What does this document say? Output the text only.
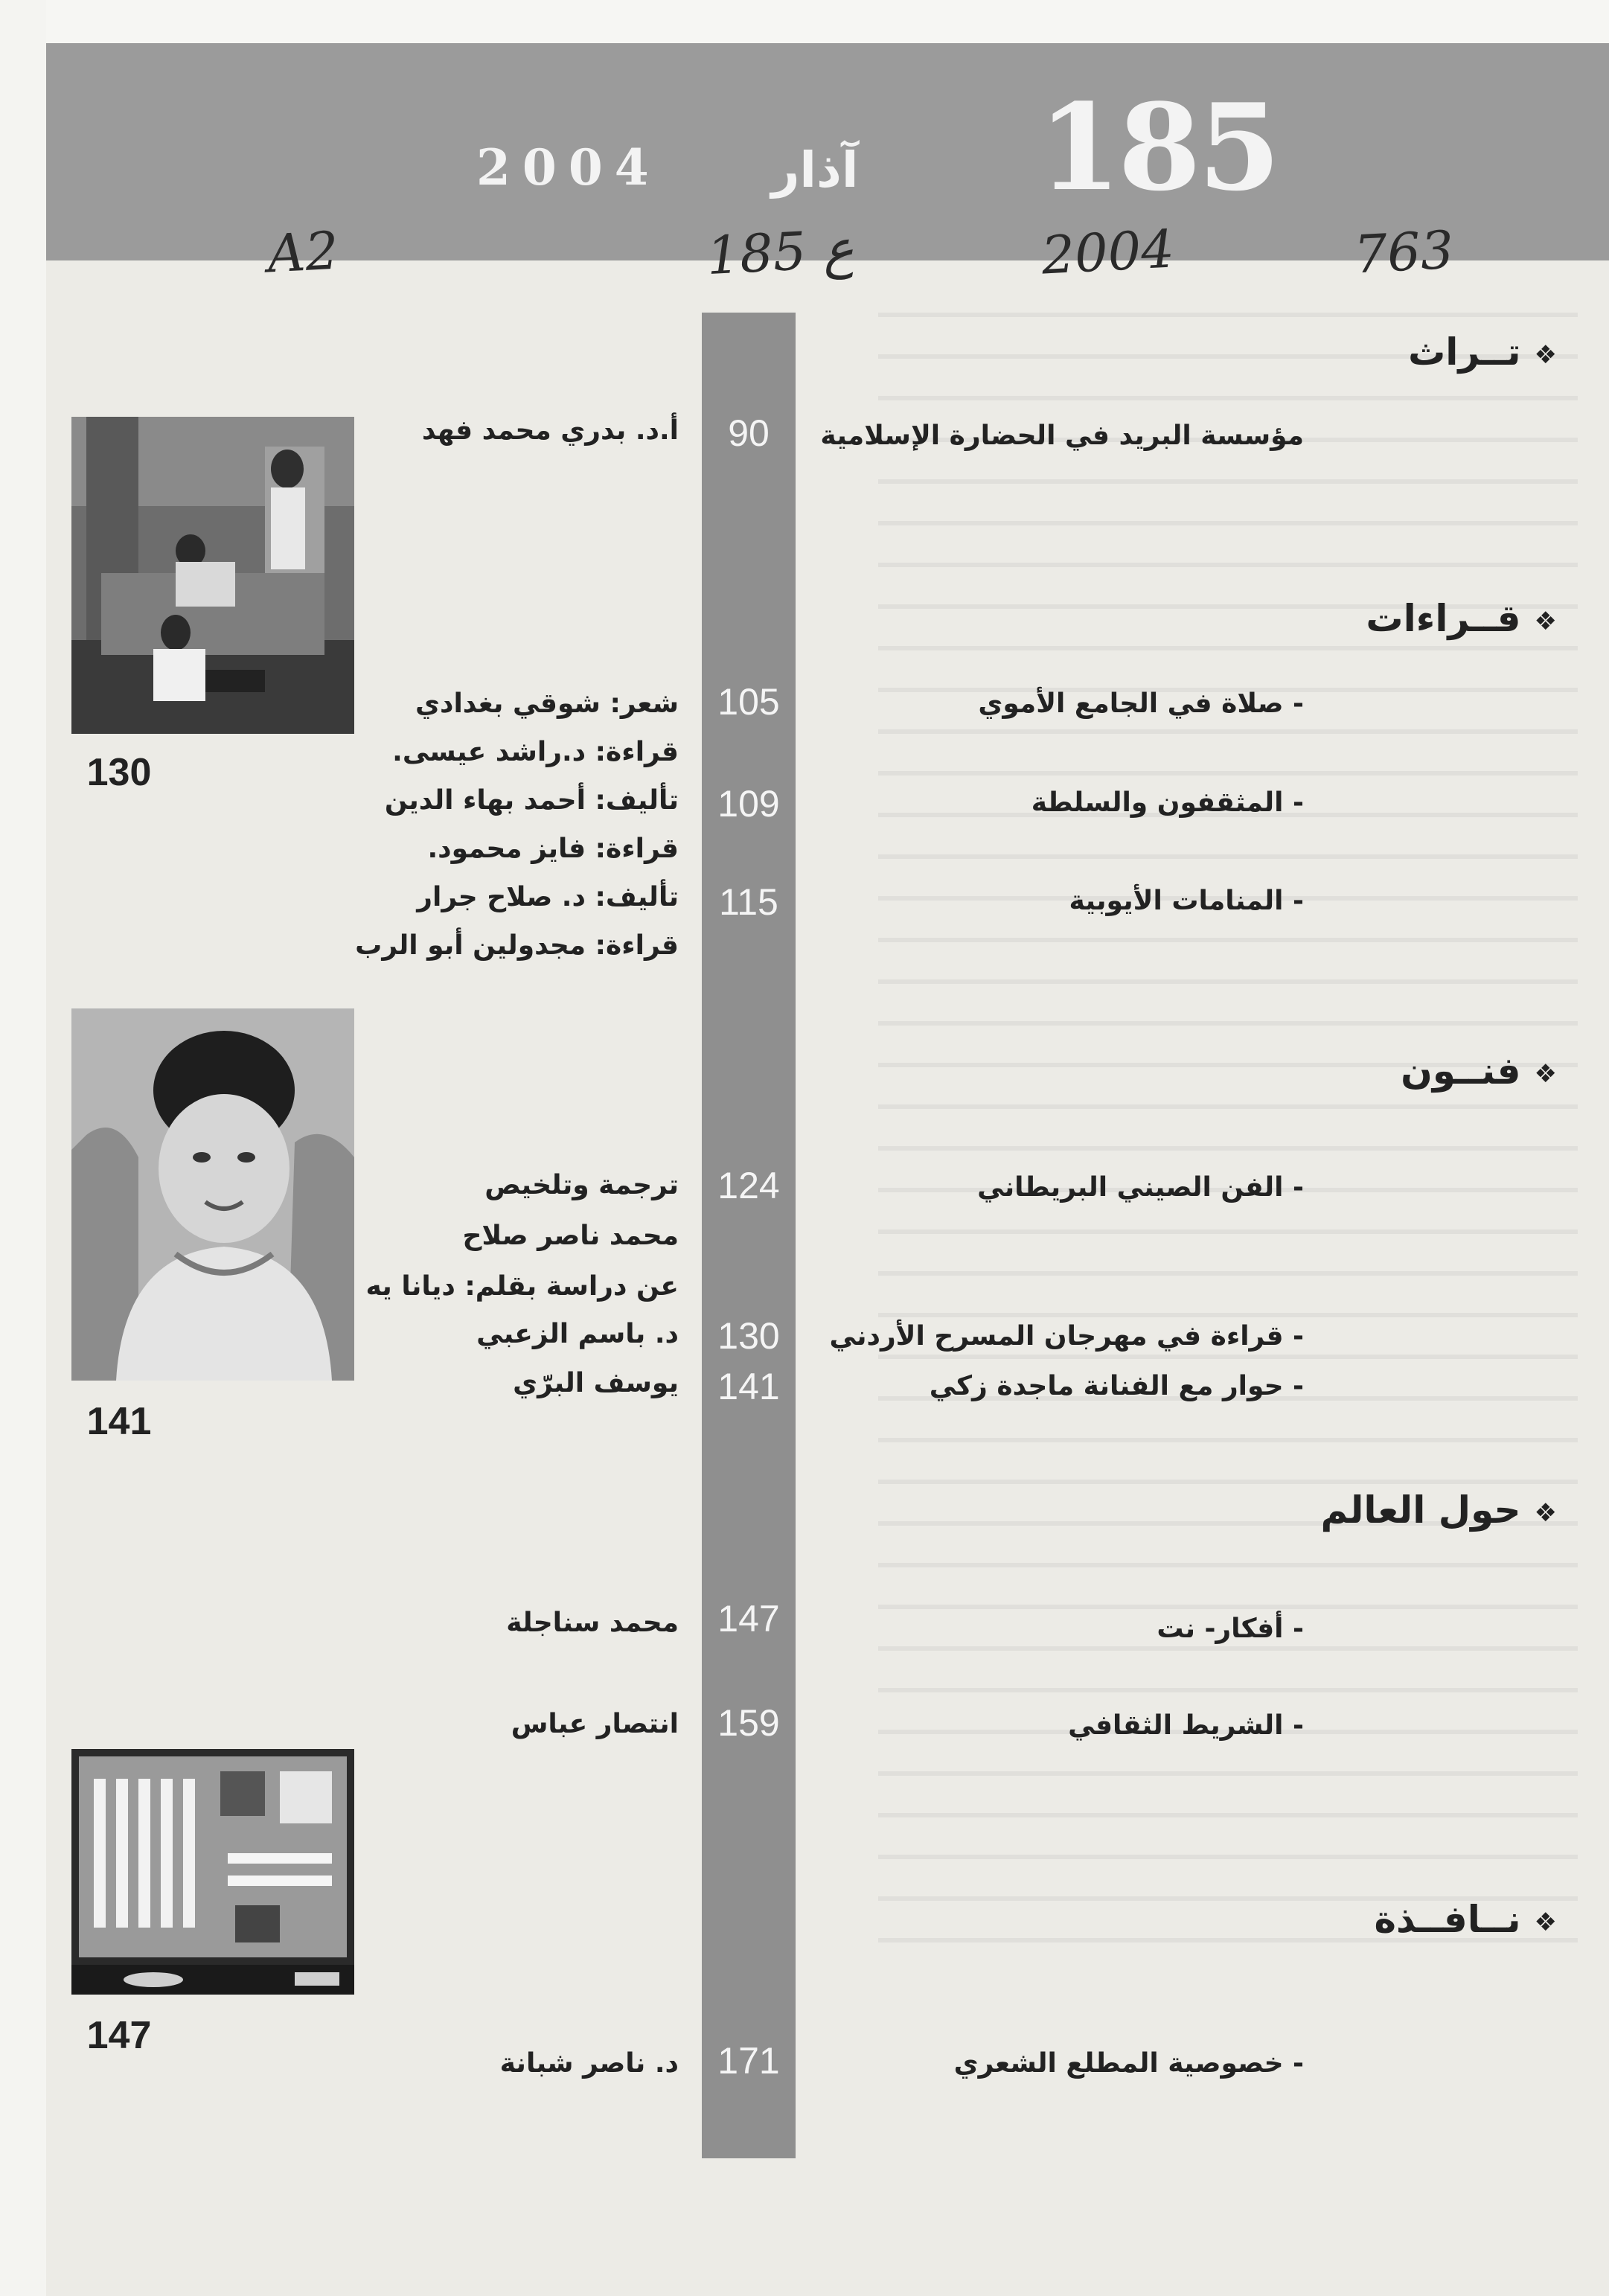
185
آذار
2004
763
2004
ع 185
A2
90
105
109
115
124
130
141
147
159
171
❖تــراث
❖قــراءات
❖فنــون
❖حول العالم
❖نــافــذة
مؤسسة البريد في الحضارة الإسلامية
أ.د. بدري محمد فهد
- صلاة في الجامع الأموي
شعر: شوقي بغدادي
قراءة: د.راشد عيسى.
- المثقفون والسلطة
تأليف: أحمد بهاء الدين
قراءة: فايز محمود.
- المنامات الأيوبية
تأليف: د. صلاح جرار
قراءة: مجدولين أبو الرب
- الفن الصيني البريطاني
ترجمة وتلخيص
محمد ناصر صلاح
عن دراسة بقلم: ديانا يه
- قراءة في مهرجان المسرح الأردني
د. باسم الزعبي
- حوار مع الفنانة ماجدة زكي
يوسف البرّي
- أفكار- نت
محمد سناجلة
- الشريط الثقافي
انتصار عباس
- خصوصية المطلع الشعري
د. ناصر شبانة
130
141
147
